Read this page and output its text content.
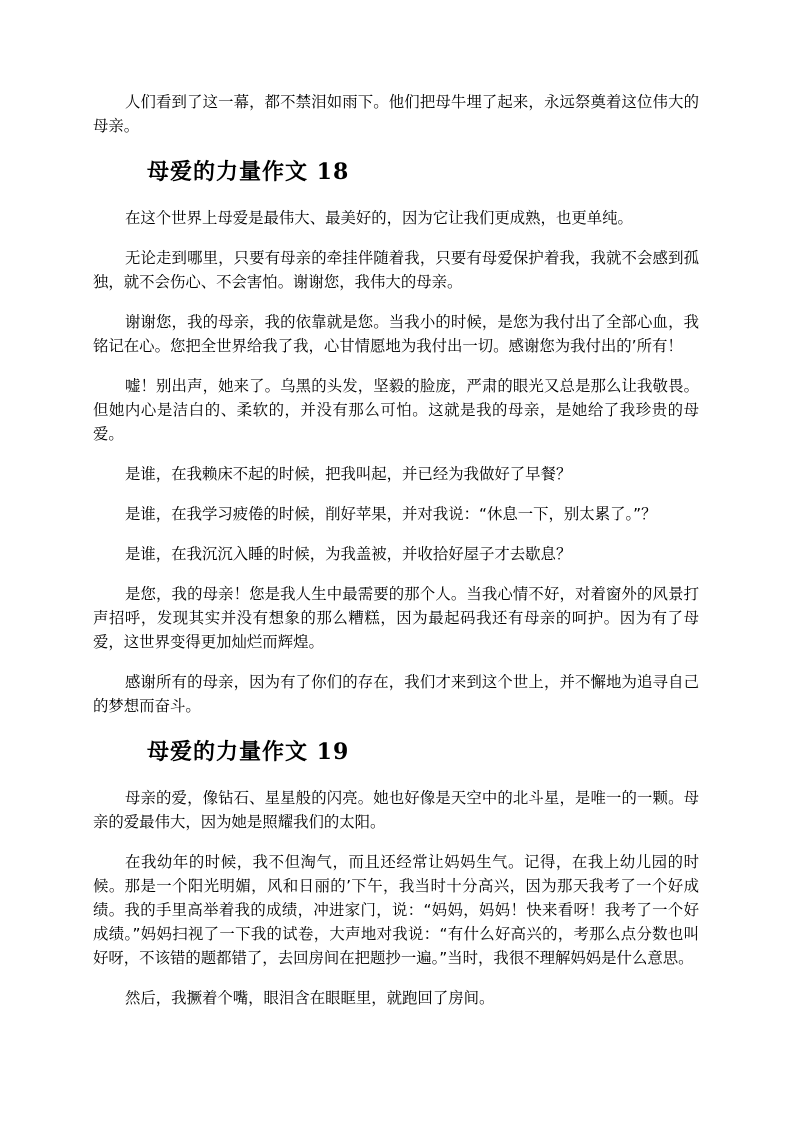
人们看到了这一幕，都不禁泪如雨下。他们把母牛埋了起来，永远祭奠着这位伟大的母亲。

母爱的力量作文 18

在这个世界上母爱是最伟大、最美好的，因为它让我们更成熟，也更单纯。

无论走到哪里，只要有母亲的牵挂伴随着我，只要有母爱保护着我，我就不会感到孤独，就不会伤心、不会害怕。谢谢您，我伟大的母亲。

谢谢您，我的母亲，我的依靠就是您。当我小的时候，是您为我付出了全部心血，我铭记在心。您把全世界给我了我，心甘情愿地为我付出一切。感谢您为我付出的’所有！

嘘！别出声，她来了。乌黑的头发，坚毅的脸庞，严肃的眼光又总是那么让我敬畏。但她内心是洁白的、柔软的，并没有那么可怕。这就是我的母亲，是她给了我珍贵的母爱。

是谁，在我赖床不起的时候，把我叫起，并已经为我做好了早餐？

是谁，在我学习疲倦的时候，削好苹果，并对我说：“休息一下，别太累了。”？

是谁，在我沉沉入睡的时候，为我盖被，并收拾好屋子才去歇息？

是您，我的母亲！您是我人生中最需要的那个人。当我心情不好，对着窗外的风景打声招呼，发现其实并没有想象的那么糟糕，因为最起码我还有母亲的呵护。因为有了母爱，这世界变得更加灿烂而辉煌。

感谢所有的母亲，因为有了你们的存在，我们才来到这个世上，并不懈地为追寻自己的梦想而奋斗。

母爱的力量作文 19

母亲的爱，像钻石、星星般的闪亮。她也好像是天空中的北斗星，是唯一的一颗。母亲的爱最伟大，因为她是照耀我们的太阳。

在我幼年的时候，我不但淘气，而且还经常让妈妈生气。记得，在我上幼儿园的时候。那是一个阳光明媚，风和日丽的’下午，我当时十分高兴，因为那天我考了一个好成绩。我的手里高举着我的成绩，冲进家门，说：“妈妈，妈妈！快来看呀！我考了一个好成绩。”妈妈扫视了一下我的试卷，大声地对我说：“有什么好高兴的，考那么点分数也叫好呀，不该错的题都错了，去回房间在把题抄一遍。”当时，我很不理解妈妈是什么意思。

然后，我撅着个嘴，眼泪含在眼眶里，就跑回了房间。
